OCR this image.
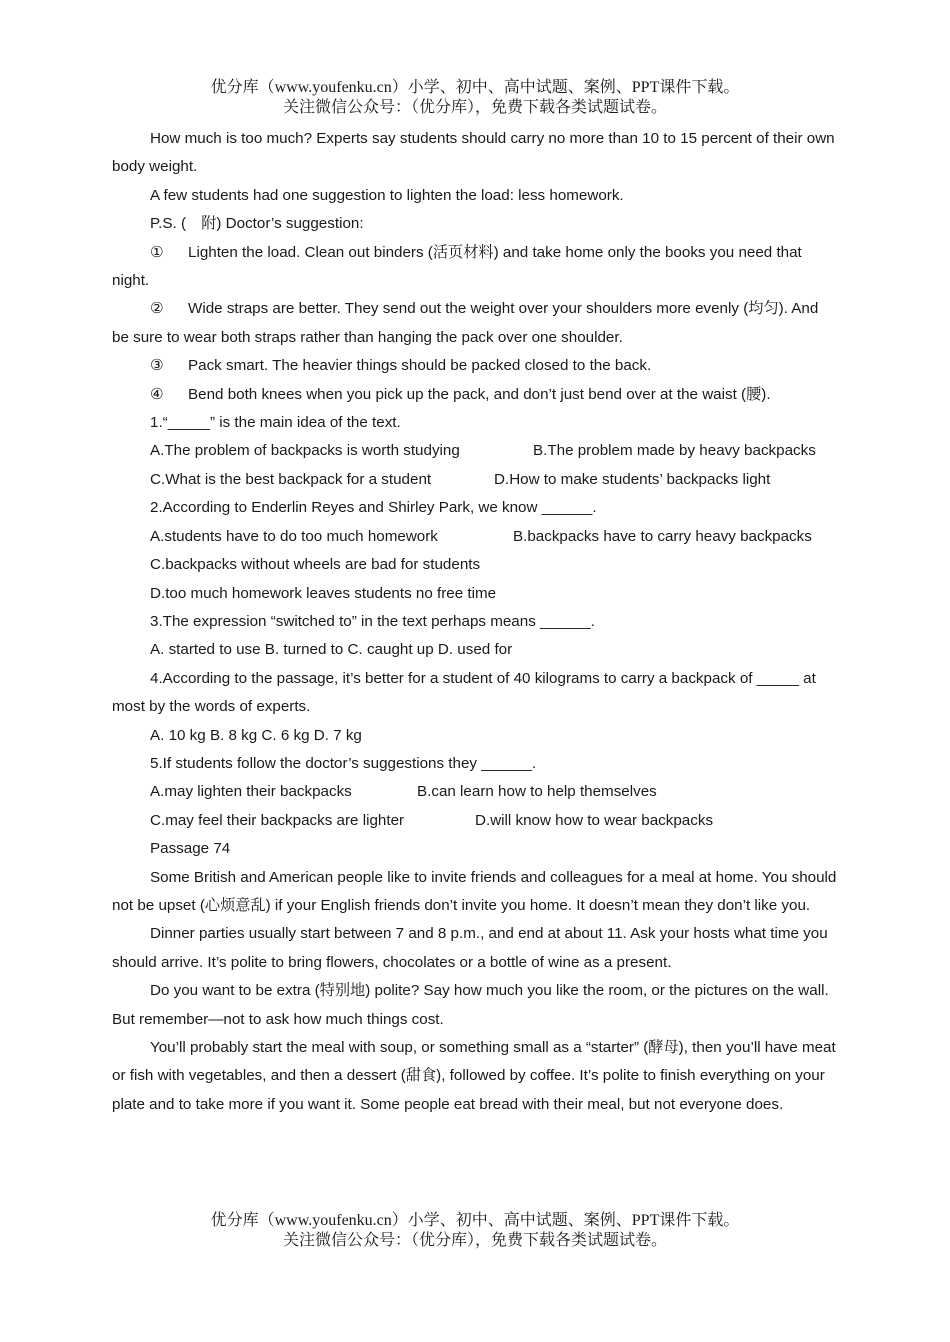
优分库（www.youfenku.cn）小学、初中、高中试题、案例、PPT课件下载。
关注微信公众号：（优分库），免费下载各类试题试卷。

How much is too much? Experts say students should carry no more than 10 to 15 percent of their own body weight.

A few students had one suggestion to lighten the load: less homework.

P.S. (　附) Doctor’s suggestion:

① Lighten the load. Clean out binders (活页材料) and take home only the books you need that night.

② Wide straps are better. They send out the weight over your shoulders more evenly (均匀). And be sure to wear both straps rather than hanging the pack over one shoulder.

③ Pack smart. The heavier things should be packed closed to the back.

④ Bend both knees when you pick up the pack, and don’t just bend over at the waist (腰).

1.“_____” is the main idea of the text.

A.The problem of backpacks is worth studying	B.The problem made by heavy backpacks
C.What is the best backpack for a student	D.How to make students’ backpacks light

2.According to Enderlin Reyes and Shirley Park, we know ______.

A.students have to do too much homework	B.backpacks have to carry heavy backpacks

C.backpacks without wheels are bad for students

D.too much homework leaves students no free time

3.The expression “switched to” in the text perhaps means ______.

A. started to use B. turned to C. caught up D. used for

4.According to the passage, it’s better for a student of 40 kilograms to carry a backpack of _____ at most by the words of experts.

A. 10 kg B. 8 kg C. 6 kg D. 7 kg

5.If students follow the doctor’s suggestions they ______.

A.may lighten their backpacks	B.can learn how to help themselves
C.may feel their backpacks are lighter	D.will know how to wear backpacks

Passage 74

Some British and American people like to invite friends and colleagues for a meal at home. You should not be upset (心烦意乱) if your English friends don’t invite you home. It doesn’t mean they don’t like you.

Dinner parties usually start between 7 and 8 p.m., and end at about 11. Ask your hosts what time you should arrive. It’s polite to bring flowers, chocolates or a bottle of wine as a present.

Do you want to be extra (特别地) polite? Say how much you like the room, or the pictures on the wall. But remember—not to ask how much things cost.

You’ll probably start the meal with soup, or something small as a “starter” (酵母), then you’ll have meat or fish with vegetables, and then a dessert (甜食), followed by coffee. It’s polite to finish everything on your plate and to take more if you want it. Some people eat bread with their meal, but not everyone does.

优分库（www.youfenku.cn）小学、初中、高中试题、案例、PPT课件下载。
关注微信公众号：（优分库），免费下载各类试题试卷。
